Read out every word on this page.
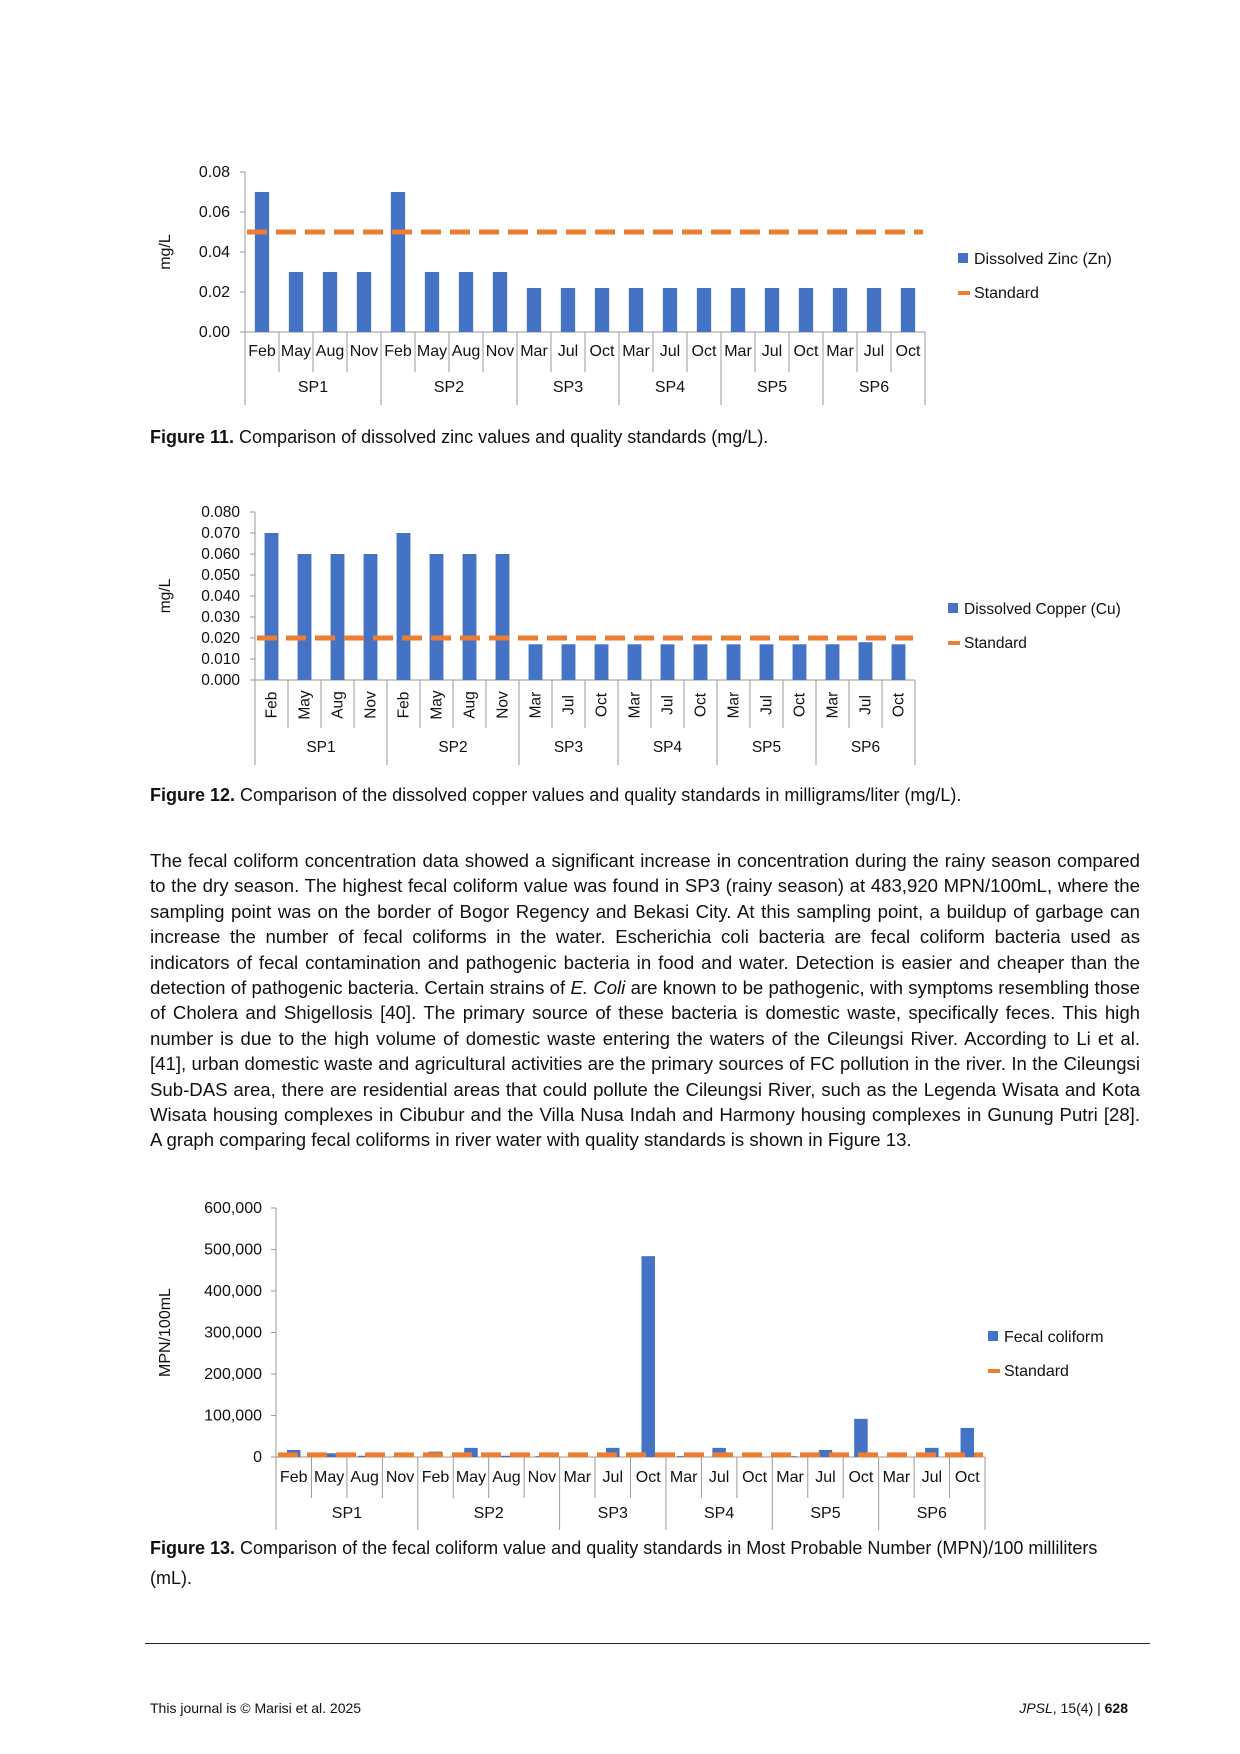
mg/L
0.00
0.02
0.04
0.06
0.08
Feb May Aug Nov Feb May Aug Nov Mar Jul Oct Mar Jul Oct Mar Jul Oct Mar Jul Oct
SP1	SP2	SP3	SP4	SP5	SP6
Dissolved Zinc (Zn)
Standard
Figure 11. Comparison of dissolved zinc values and quality standards (mg/L).
mg/L
0.000
0.010
0.020
0.030
0.040
0.050
0.060
0.070
0.080
Feb May Aug Nov Feb May Aug Nov Mar Jul Oct Mar Jul Oct Mar Jul Oct Mar Jul Oct
SP1	SP2	SP3	SP4	SP5	SP6
Dissolved Copper (Cu)
Standard
Figure 12. Comparison of the dissolved copper values and quality standards in milligrams/liter (mg/L).

The fecal coliform concentration data showed a significant increase in concentration during the rainy season compared to the dry season. The highest fecal coliform value was found in SP3 (rainy season) at 483,920 MPN/100mL, where the sampling point was on the border of Bogor Regency and Bekasi City. At this sampling point, a buildup of garbage can increase the number of fecal coliforms in the water. Escherichia coli bacteria are fecal coliform bacteria used as indicators of fecal contamination and pathogenic bacteria in food and water. Detection is easier and cheaper than the detection of pathogenic bacteria. Certain strains of E. Coli are known to be pathogenic, with symptoms resembling those of Cholera and Shigellosis [40]. The primary source of these bacteria is domestic waste, specifically feces. This high number is due to the high volume of domestic waste entering the waters of the Cileungsi River. According to Li et al. [41], urban domestic waste and agricultural activities are the primary sources of FC pollution in the river. In the Cileungsi Sub-DAS area, there are residential areas that could pollute the Cileungsi River, such as the Legenda Wisata and Kota Wisata housing complexes in Cibubur and the Villa Nusa Indah and Harmony housing complexes in Gunung Putri [28]. A graph comparing fecal coliforms in river water with quality standards is shown in Figure 13.

MPN/100mL
0
100,000
200,000
300,000
400,000
500,000
600,000
Feb May Aug Nov Feb May Aug Nov Mar Jul Oct Mar Jul Oct Mar Jul Oct Mar Jul Oct
SP1	SP2	SP3	SP4	SP5	SP6
Fecal coliform
Standard
Figure 13. Comparison of the fecal coliform value and quality standards in Most Probable Number (MPN)/100 milliliters (mL).
This journal is © Marisi et al. 2025	JPSL, 15(4) | 628
